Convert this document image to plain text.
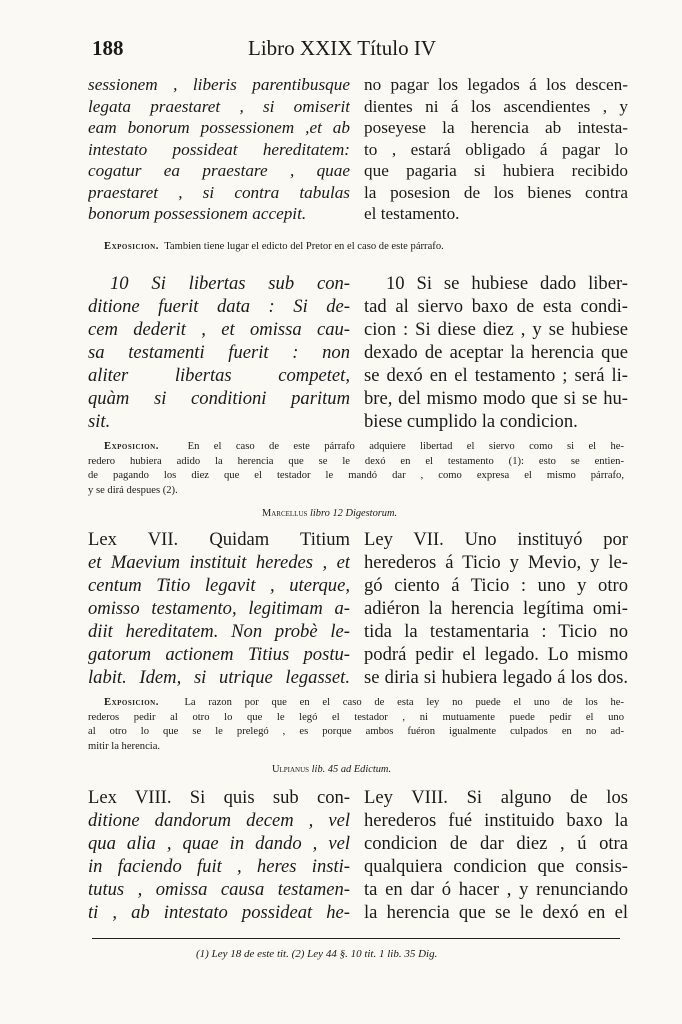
188	Libro XXIX Título IV
sessionem , liberis parentibusque
legata praestaret , si omiserit
eam bonorum possessionem ,et ab
intestato possideat hereditatem:
cogatur ea praestare , quae
praestaret , si contra tabulas
bonorum possessionem accepit.
no pagar los legados á los descen-
dientes ni á los ascendientes , y
poseyese la herencia ab intesta-
to , estará obligado á pagar lo
que pagaria si hubiera recibido
la posesion de los bienes contra
el testamento.
Exposicion. Tambien tiene lugar el edicto del Pretor en el caso de este párrafo.
10 Si libertas sub con-
ditione fuerit data : Si de-
cem dederit , et omissa cau-
sa testamenti fuerit : non
aliter libertas competet,
quàm si conditioni paritum
sit.
10 Si se hubiese dado liber-
tad al siervo baxo de esta condi-
cion : Si diese diez , y se hubiese
dexado de aceptar la herencia que
se dexó en el testamento ; será li-
bre, del mismo modo que si se hu-
biese cumplido la condicion.
Exposicion.	En el caso de este párrafo adquiere libertad el siervo como si el he-
redero hubiera adido la herencia que se le dexó en el testamento (1): esto se entien-
de pagando los diez que el testador le mandó dar , como expresa el mismo párrafo,
y se dirá despues (2).
Marcellus libro 12 Digestorum.
Lex VII. Quidam Titium
et Maevium instituit heredes , et
centum Titio legavit , uterque,
omisso testamento, legitimam a-
diit hereditatem. Non probè le-
gatorum actionem Titius postu-
labit. Idem, si utrique legasset.
Ley VII. Uno instituyó por
herederos á Ticio y Mevio, y le-
gó ciento á Ticio : uno y otro
adiéron la herencia legítima omi-
tida la testamentaria : Ticio no
podrá pedir el legado. Lo mismo
se diria si hubiera legado á los dos.
Exposicion. La razon por que en el caso de esta ley no puede el uno de los he-
rederos pedir al otro lo que le legó el testador , ni mutuamente puede pedir el uno
al otro lo que se le prelegó , es porque ambos fuéron igualmente culpados en no ad-
mitir la herencia.
Ulpianus lib. 45 ad Edictum.
Lex VIII. Si quis sub con-
ditione dandorum decem , vel
qua alia , quae in dando , vel
in faciendo fuit , heres insti-
tutus , omissa causa testamen-
ti , ab intestato possideat he-
Ley VIII. Si alguno de los
herederos fué instituido baxo la
condicion de dar diez , ú otra
qualquiera condicion que consis-
ta en dar ó hacer , y renunciando
la herencia que se le dexó en el
(1) Ley 18 de este tit. (2) Ley 44 §. 10 tit. 1 lib. 35 Dig.
